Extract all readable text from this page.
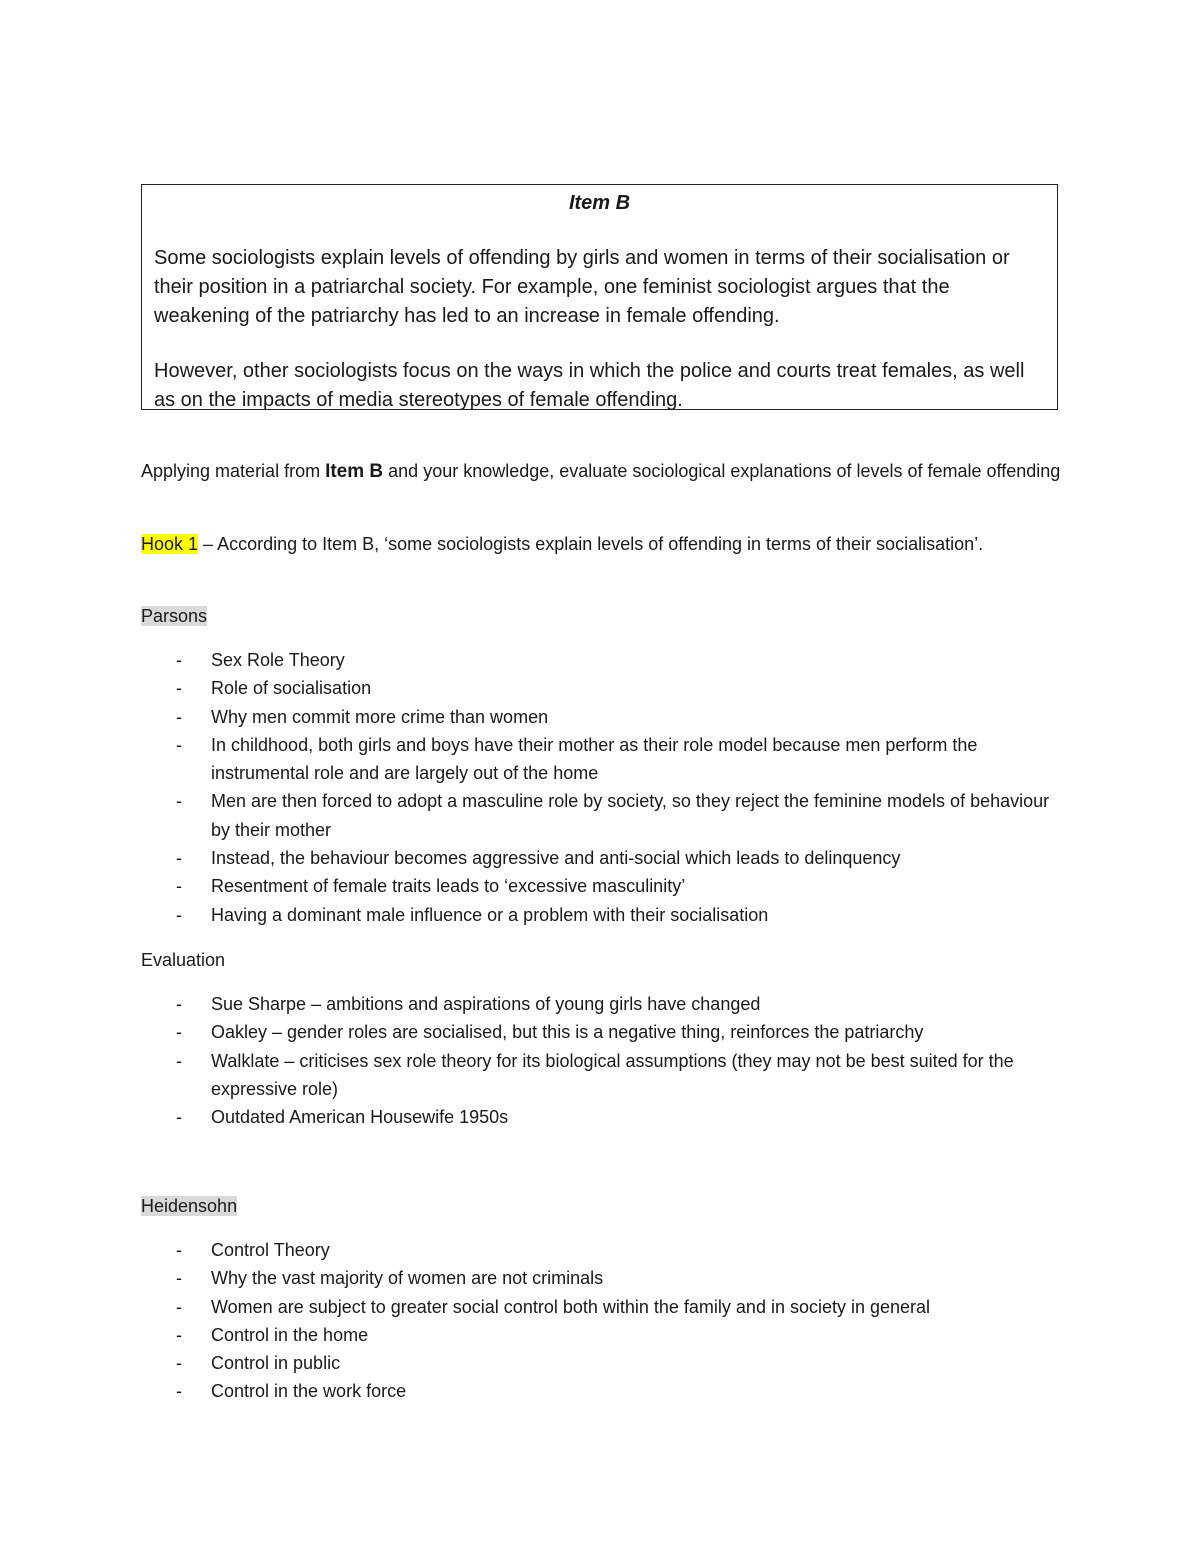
Item B

Some sociologists explain levels of offending by girls and women in terms of their socialisation or their position in a patriarchal society. For example, one feminist sociologist argues that the weakening of the patriarchy has led to an increase in female offending.

However, other sociologists focus on the ways in which the police and courts treat females, as well as on the impacts of media stereotypes of female offending.

Applying material from Item B and your knowledge, evaluate sociological explanations of levels of female offending

Hook 1 – According to Item B, ‘some sociologists explain levels of offending in terms of their socialisation’.

Parsons

- Sex Role Theory
- Role of socialisation
- Why men commit more crime than women
- In childhood, both girls and boys have their mother as their role model because men perform the instrumental role and are largely out of the home
- Men are then forced to adopt a masculine role by society, so they reject the feminine models of behaviour by their mother
- Instead, the behaviour becomes aggressive and anti-social which leads to delinquency
- Resentment of female traits leads to ‘excessive masculinity’
- Having a dominant male influence or a problem with their socialisation

Evaluation

- Sue Sharpe – ambitions and aspirations of young girls have changed
- Oakley – gender roles are socialised, but this is a negative thing, reinforces the patriarchy
- Walklate – criticises sex role theory for its biological assumptions (they may not be best suited for the expressive role)
- Outdated American Housewife 1950s

Heidensohn

- Control Theory
- Why the vast majority of women are not criminals
- Women are subject to greater social control both within the family and in society in general
- Control in the home
- Control in public
- Control in the work force
